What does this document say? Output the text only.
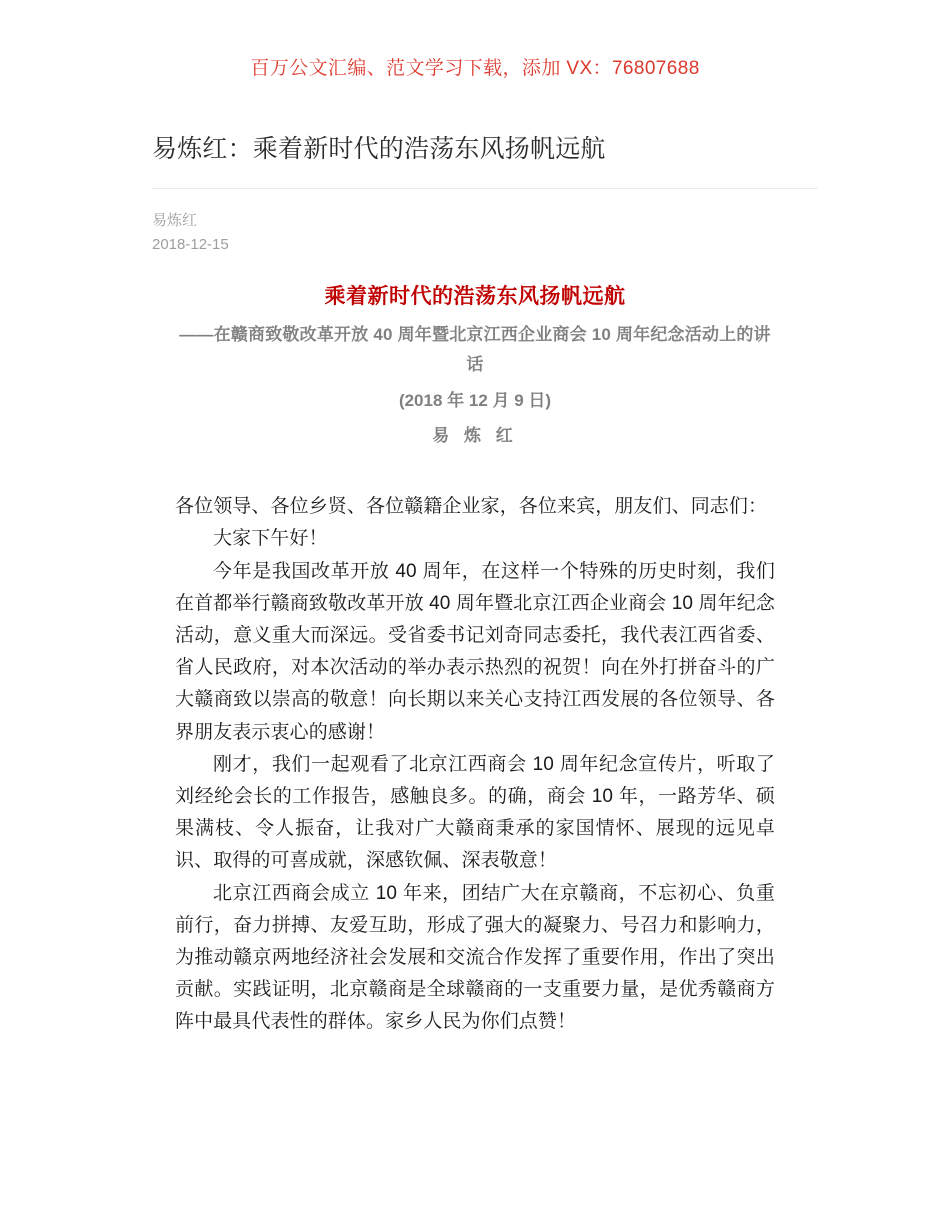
百万公文汇编、范文学习下载，添加 VX：76807688
易炼红：乘着新时代的浩荡东风扬帆远航
易炼红
2018-12-15
乘着新时代的浩荡东风扬帆远航
——在赣商致敬改革开放 40 周年暨北京江西企业商会 10 周年纪念活动上的讲话
(2018 年 12 月 9 日)
易 炼 红

各位领导、各位乡贤、各位赣籍企业家，各位来宾，朋友们、同志们：

大家下午好！

今年是我国改革开放 40 周年，在这样一个特殊的历史时刻，我们在首都举行赣商致敬改革开放 40 周年暨北京江西企业商会 10 周年纪念活动，意义重大而深远。受省委书记刘奇同志委托，我代表江西省委、省人民政府，对本次活动的举办表示热烈的祝贺！向在外打拼奋斗的广大赣商致以崇高的敬意！向长期以来关心支持江西发展的各位领导、各界朋友表示衷心的感谢！

刚才，我们一起观看了北京江西商会 10 周年纪念宣传片，听取了刘经纶会长的工作报告，感触良多。的确，商会 10 年，一路芳华、硕果满枝、令人振奋，让我对广大赣商秉承的家国情怀、展现的远见卓识、取得的可喜成就，深感钦佩、深表敬意！

北京江西商会成立 10 年来，团结广大在京赣商，不忘初心、负重前行，奋力拼搏、友爱互助，形成了强大的凝聚力、号召力和影响力，为推动赣京两地经济社会发展和交流合作发挥了重要作用，作出了突出贡献。实践证明，北京赣商是全球赣商的一支重要力量，是优秀赣商方阵中最具代表性的群体。家乡人民为你们点赞！
